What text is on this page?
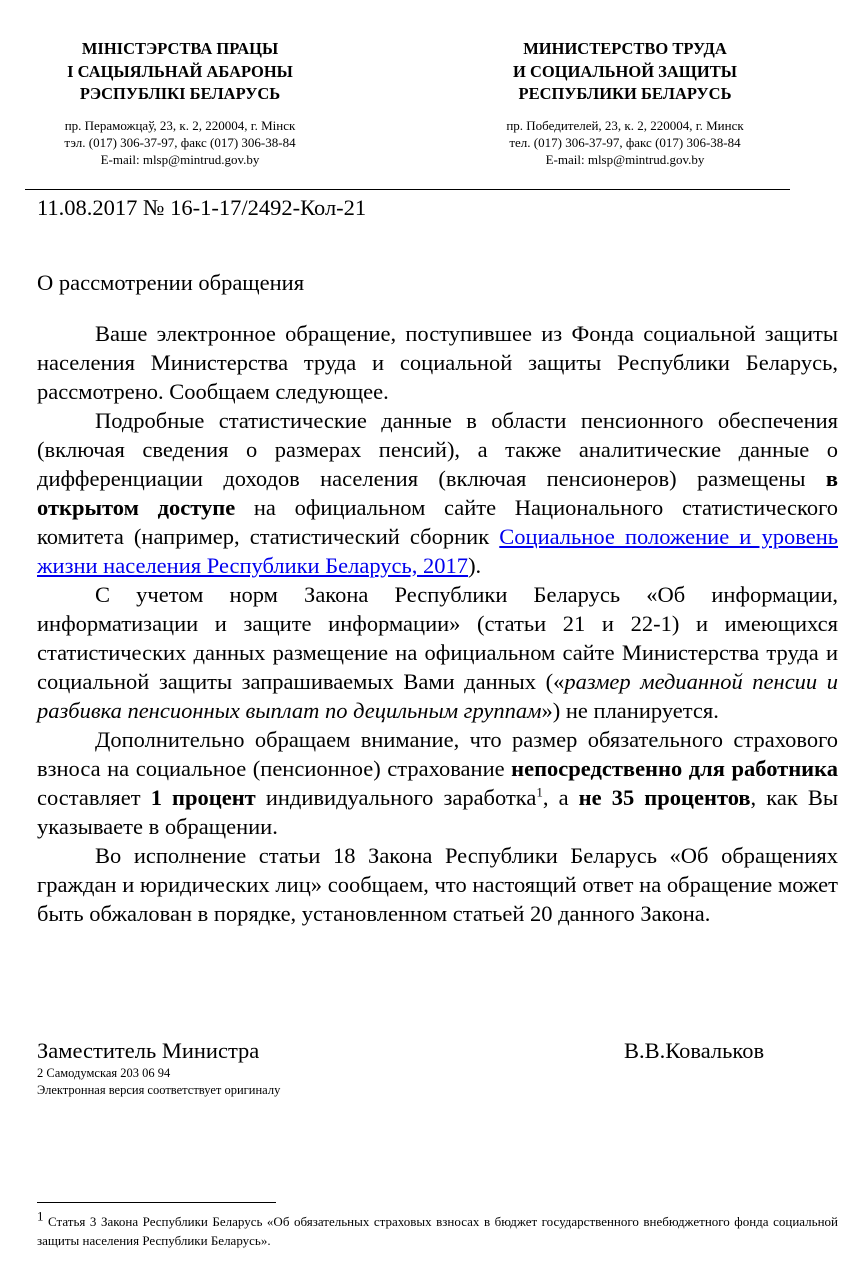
МІНІСТЭРСТВА ПРАЦЫ
І САЦЫЯЛЬНАЙ АБАРОНЫ
РЭСПУБЛІКІ БЕЛАРУСЬ
пр. Пераможцаў, 23, к. 2, 220004, г. Мінск
тэл. (017) 306-37-97, факс (017) 306-38-84
E-mail: mlsp@mintrud.gov.by
МИНИСТЕРСТВО ТРУДА
И СОЦИАЛЬНОЙ ЗАЩИТЫ
РЕСПУБЛИКИ БЕЛАРУСЬ
пр. Победителей, 23, к. 2, 220004, г. Минск
тел. (017) 306-37-97, факс (017) 306-38-84
E-mail: mlsp@mintrud.gov.by
11.08.2017 № 16-1-17/2492-Кол-21
О рассмотрении обращения

Ваше электронное обращение, поступившее из Фонда социальной защиты населения Министерства труда и социальной защиты Республики Беларусь, рассмотрено. Сообщаем следующее.

Подробные статистические данные в области пенсионного обеспечения (включая сведения о размерах пенсий), а также аналитические данные о дифференциации доходов населения (включая пенсионеров) размещены в открытом доступе на официальном сайте Национального статистического комитета (например, статистический сборник Социальное положение и уровень жизни населения Республики Беларусь, 2017).

С учетом норм Закона Республики Беларусь «Об информации, информатизации и защите информации» (статьи 21 и 22-1) и имеющихся статистических данных размещение на официальном сайте Министерства труда и социальной защиты запрашиваемых Вами данных («размер медианной пенсии и разбивка пенсионных выплат по децильным группам») не планируется.

Дополнительно обращаем внимание, что размер обязательного страхового взноса на социальное (пенсионное) страхование непосредственно для работника составляет 1 процент индивидуального заработка$^1$, а не 35 процентов, как Вы указываете в обращении.

Во исполнение статьи 18 Закона Республики Беларусь «Об обращениях граждан и юридических лиц» сообщаем, что настоящий ответ на обращение может быть обжалован в порядке, установленном статьей 20 данного Закона.

Заместитель Министра	В.В.Ковальков
2 Самодумская 203 06 94
Электронная версия соответствует оригиналу
$^1$ Статья 3 Закона Республики Беларусь «Об обязательных страховых взносах в бюджет государственного внебюджетного фонда социальной защиты населения Республики Беларусь».
